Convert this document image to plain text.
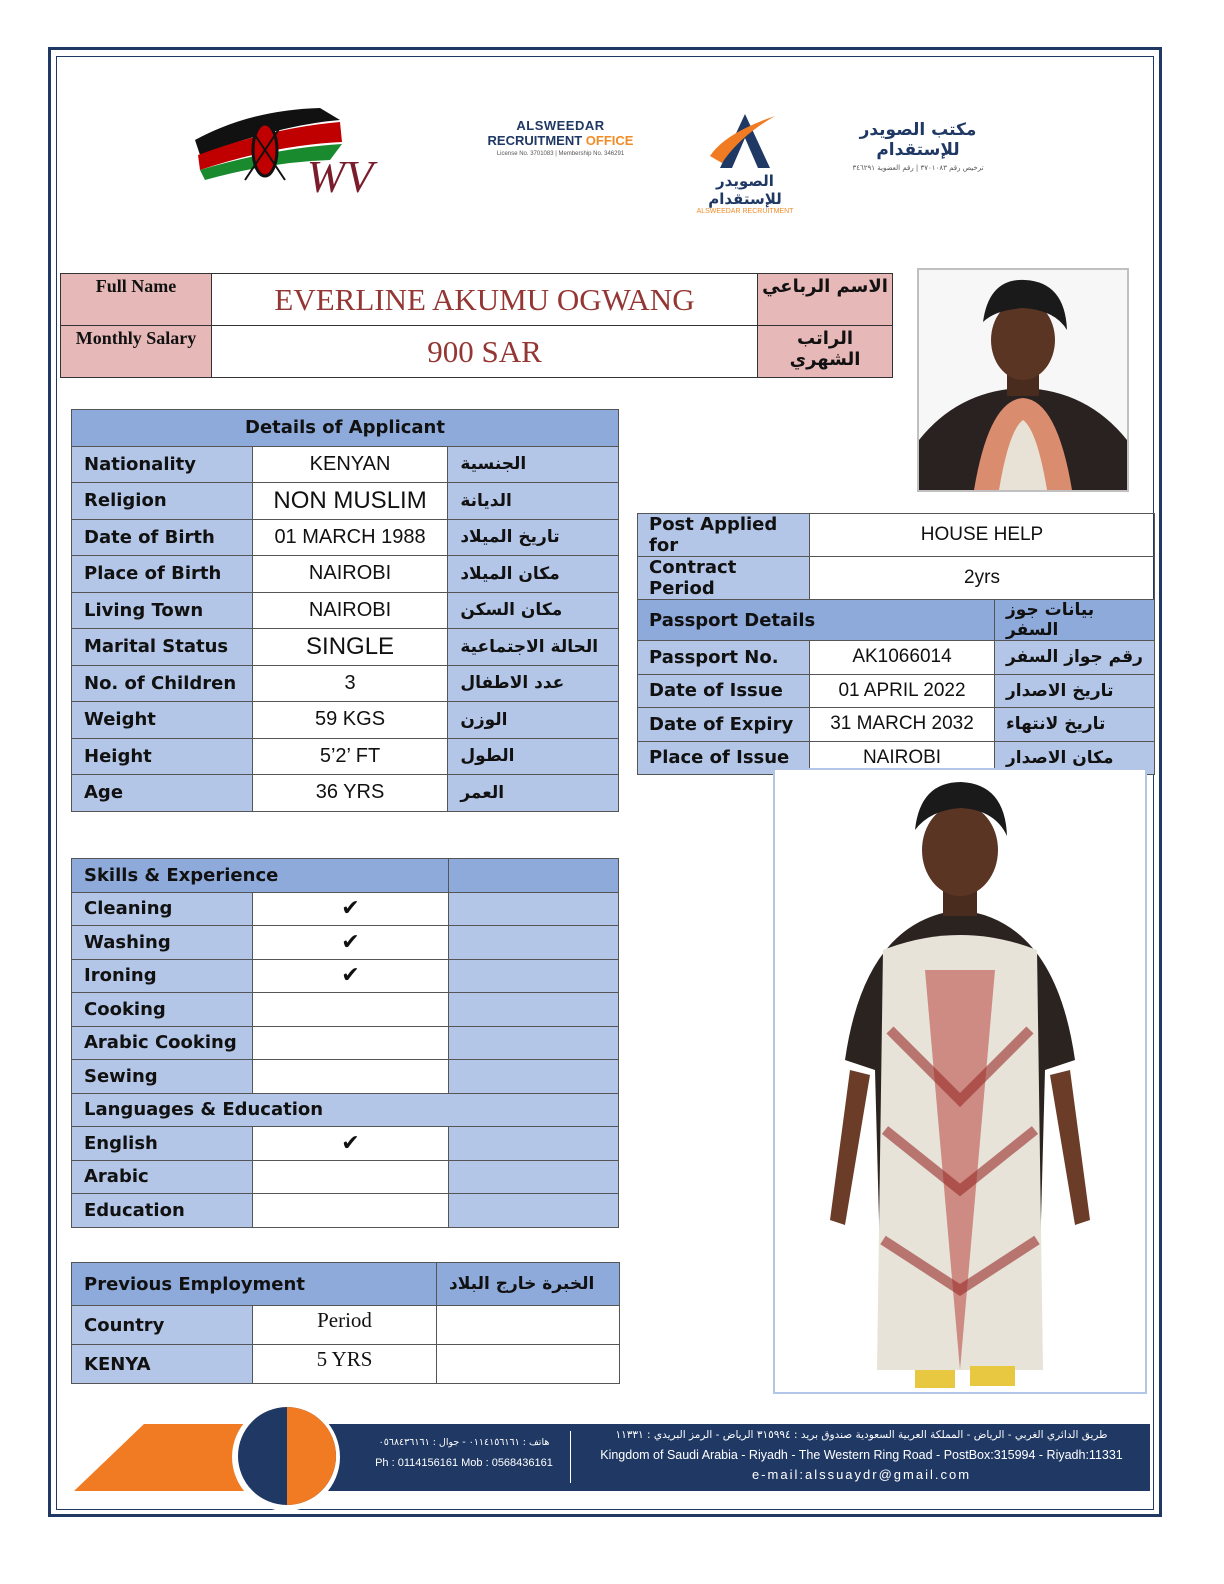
WV
ALSWEEDAR
RECRUITMENT OFFICE
License No. 3701083 | Membership No. 346291
الصويدر للإستقدام
ALSWEEDAR RECRUITMENT
مكتب الصويدر للإستقدام
ترخيص رقم ٣٧٠١٠٨٣ | رقم العضوية ٣٤٦٢٩١
Full Name	EVERLINE AKUMU OGWANG	الاسم الرباعي
Monthly Salary	900 SAR	الراتب الشهري
Details of Applicant		
Nationality	KENYAN	الجنسية
Religion	NON MUSLIM	الديانة
Date of Birth	01 MARCH 1988	تاريخ الميلاد
Place of Birth	NAIROBI	مكان الميلاد
Living Town	NAIROBI	مكان السكن
Marital Status	SINGLE	الحالة الاجتماعية
No. of Children	3	عدد الاطفال
Weight	59 KGS	الوزن
Height	5’2’ FT	الطول
Age	36 YRS	العمر
Post Applied for	HOUSE HELP	
Contract Period	2yrs	
Passport Details		بيانات جوز السفر
Passport No.	AK1066014	رقم جواز السفر
Date of Issue	01 APRIL 2022	تاريخ الاصدار
Date of Expiry	31 MARCH 2032	تاريخ لانتهاء
Place of Issue	NAIROBI	مكان الاصدار
Skills & Experience		
Cleaning	✔	
Washing	✔	
Ironing	✔	
Cooking		
Arabic Cooking		
Sewing		
Languages & Education		
English	✔	
Arabic		
Education		
Previous Employment		الخبرة خارج البلاد
Country	Period	
KENYA	5 YRS	
هاتف : ٠١١٤١٥٦١٦١ - جوال : ٠٥٦٨٤٣٦١٦١
Ph : 0114156161 Mob : 0568436161
طريق الدائري الغربي - الرياض - المملكة العربية السعودية صندوق بريد : ٣١٥٩٩٤ الرياض - الرمز البريدي : ١١٣٣١
Kingdom of Saudi Arabia - Riyadh - The Western Ring Road - PostBox:315994 - Riyadh:11331
e-mail:alssuaydr@gmail.com
